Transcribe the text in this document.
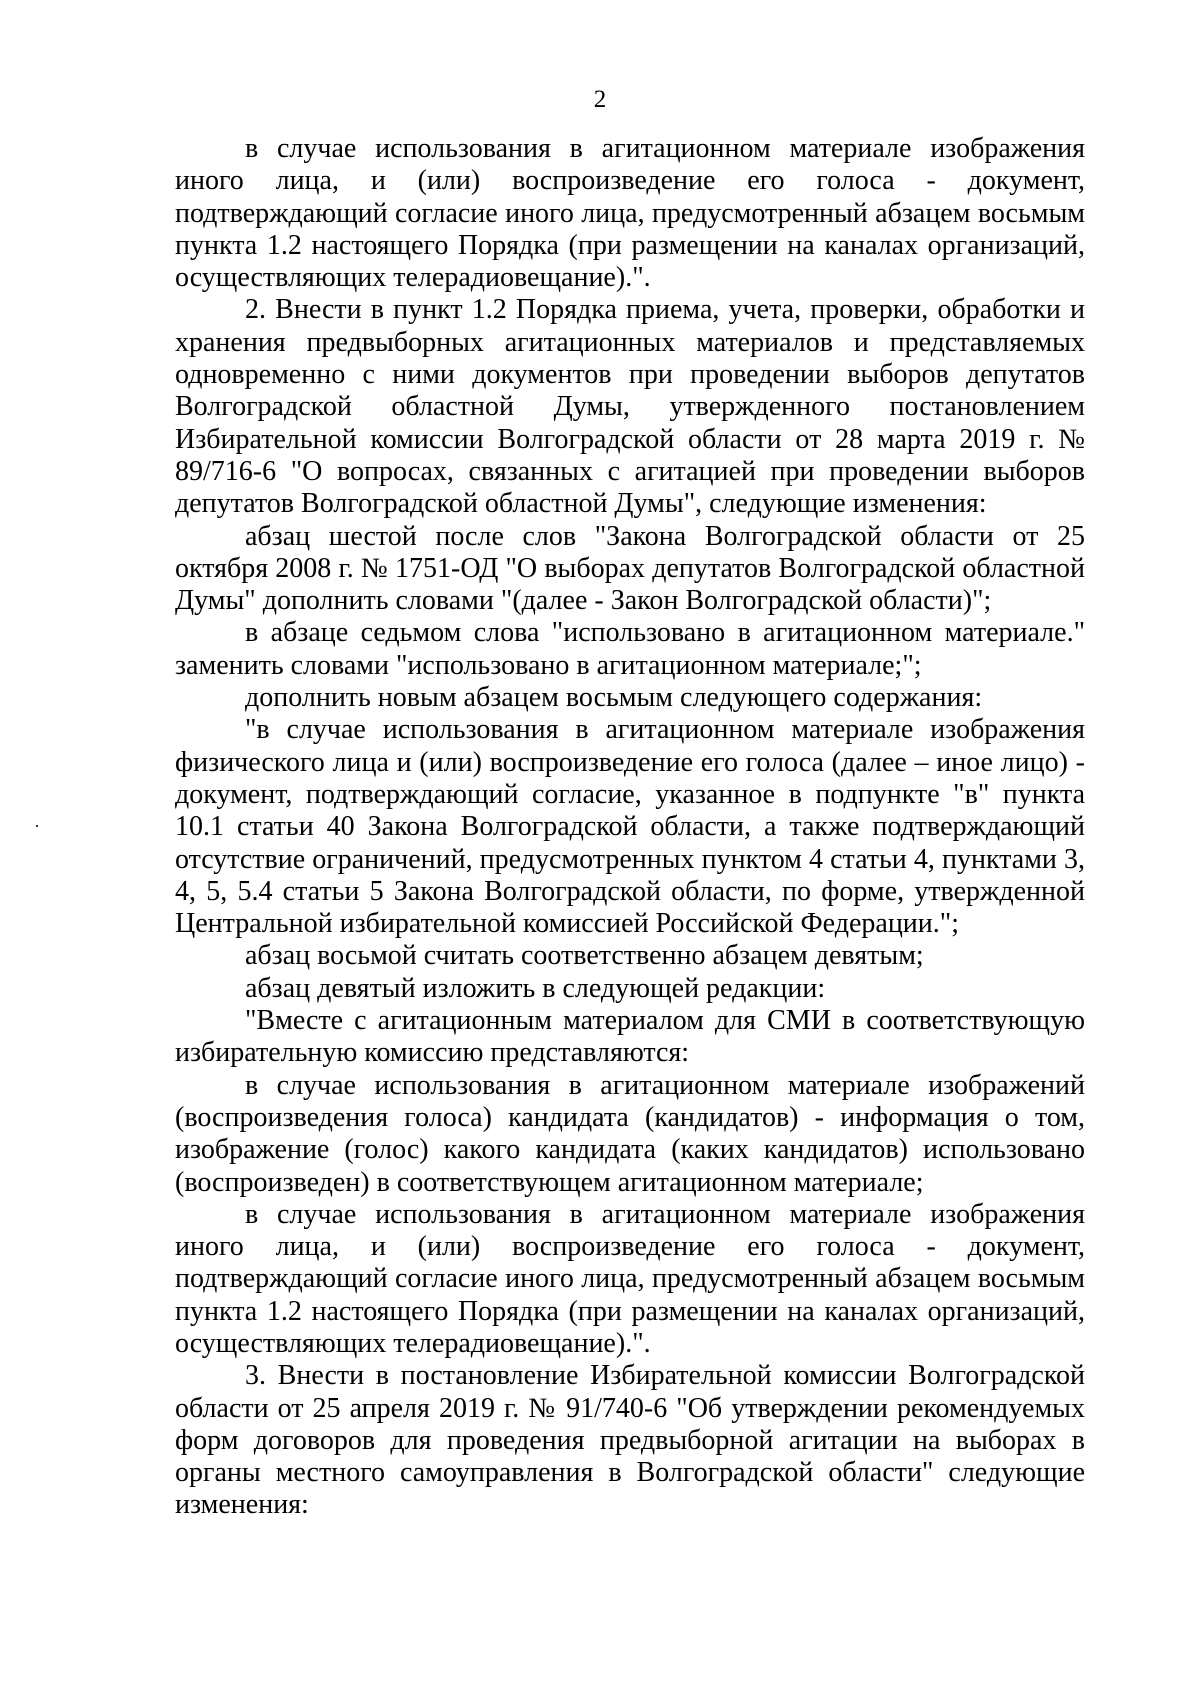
2

в случае использования в агитационном материале изображения иного лица, и (или) воспроизведение его голоса - документ, подтверждающий согласие иного лица, предусмотренный абзацем восьмым пункта 1.2 настоящего Порядка (при размещении на каналах организаций, осуществляющих телерадиовещание).".

2. Внести в пункт 1.2 Порядка приема, учета, проверки, обработки и хранения предвыборных агитационных материалов и представляемых одновременно с ними документов при проведении выборов депутатов Волгоградской областной Думы, утвержденного постановлением Избирательной комиссии Волгоградской области от 28 марта 2019 г. № 89/716-6 "О вопросах, связанных с агитацией при проведении выборов депутатов Волгоградской областной Думы", следующие изменения:

абзац шестой после слов "Закона Волгоградской области от 25 октября 2008 г. № 1751-ОД "О выборах депутатов Волгоградской областной Думы" дополнить словами "(далее - Закон Волгоградской области)";

в абзаце седьмом слова "использовано в агитационном материале." заменить словами "использовано в агитационном материале;";

дополнить новым абзацем восьмым следующего содержания:

"в случае использования в агитационном материале изображения физического лица и (или) воспроизведение его голоса (далее – иное лицо) - документ, подтверждающий согласие, указанное в подпункте "в" пункта 10.1 статьи 40 Закона Волгоградской области, а также подтверждающий отсутствие ограничений, предусмотренных пунктом 4 статьи 4, пунктами 3, 4, 5, 5.4 статьи 5 Закона Волгоградской области, по форме, утвержденной Центральной избирательной комиссией Российской Федерации.";

абзац восьмой считать соответственно абзацем девятым;

абзац девятый изложить в следующей редакции:

"Вместе с агитационным материалом для СМИ в соответствующую избирательную комиссию представляются:

в случае использования в агитационном материале изображений (воспроизведения голоса) кандидата (кандидатов) - информация о том, изображение (голос) какого кандидата (каких кандидатов) использовано (воспроизведен) в соответствующем агитационном материале;

в случае использования в агитационном материале изображения иного лица, и (или) воспроизведение его голоса - документ, подтверждающий согласие иного лица, предусмотренный абзацем восьмым пункта 1.2 настоящего Порядка (при размещении на каналах организаций, осуществляющих телерадиовещание).".

3. Внести в постановление Избирательной комиссии Волгоградской области от 25 апреля 2019 г. № 91/740-6 "Об утверждении рекомендуемых форм договоров для проведения предвыборной агитации на выборах в органы местного самоуправления в Волгоградской области" следующие изменения:
